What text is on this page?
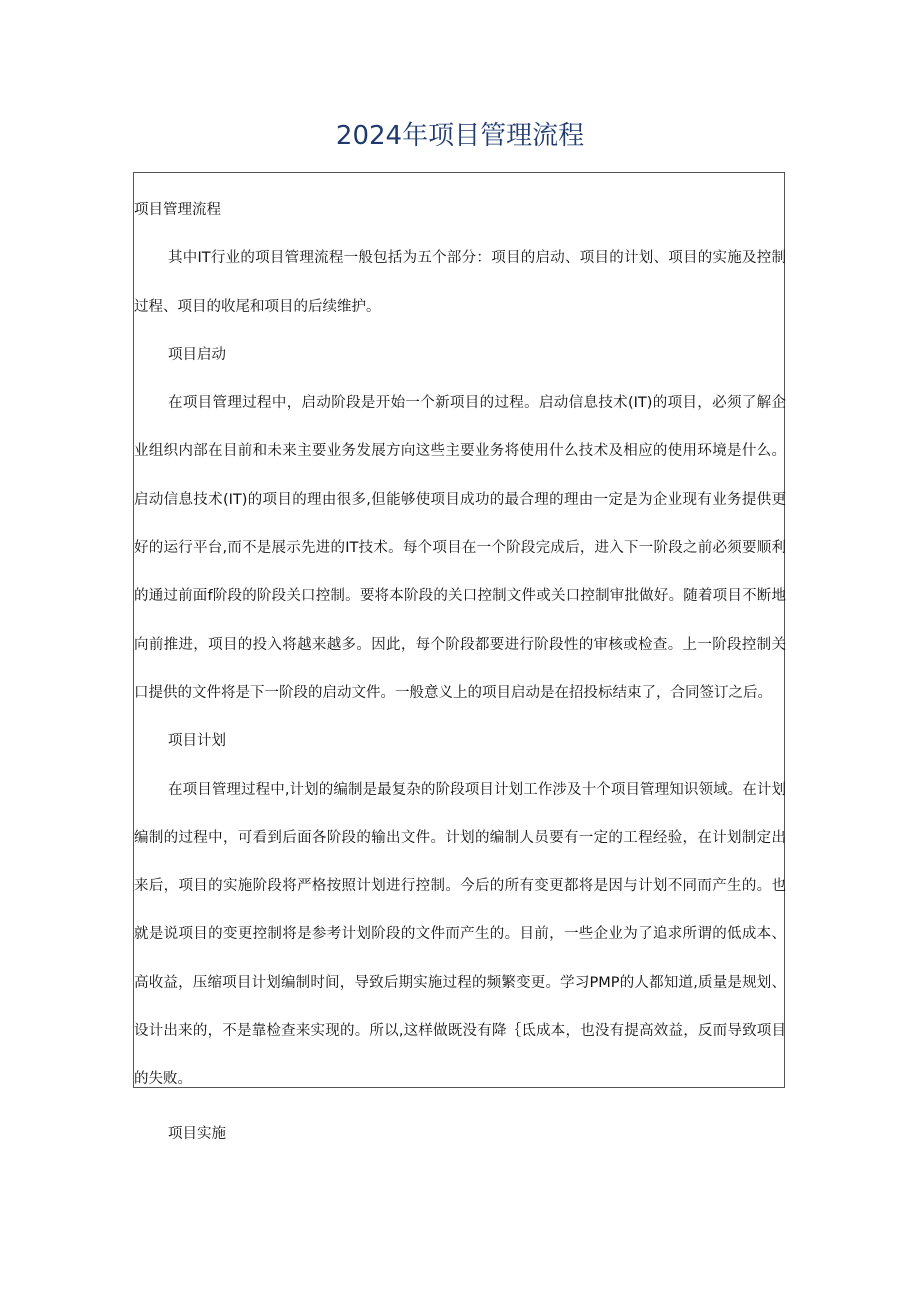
2024年项目管理流程

项目管理流程

其中IT行业的项目管理流程一般包括为五个部分：项目的启动、项目的计划、项目的实施及控制过程、项目的收尾和项目的后续维护。

项目启动

在项目管理过程中，启动阶段是开始一个新项目的过程。启动信息技术(IT)的项目，必须了解企业组织内部在目前和未来主要业务发展方向这些主要业务将使用什么技术及相应的使用环境是什么。启动信息技术(IT)的项目的理由很多,但能够使项目成功的最合理的理由一定是为企业现有业务提供更好的运行平台,而不是展示先进的IT技术。每个项目在一个阶段完成后，进入下一阶段之前必须要顺利的通过前面f阶段的阶段关口控制。要将本阶段的关口控制文件或关口控制审批做好。随着项目不断地向前推进，项目的投入将越来越多。因此，每个阶段都要进行阶段性的审核或检查。上一阶段控制关口提供的文件将是下一阶段的启动文件。一般意义上的项目启动是在招投标结束了，合同签订之后。

项目计划

在项目管理过程中,计划的编制是最复杂的阶段项目计划工作涉及十个项目管理知识领域。在计划编制的过程中，可看到后面各阶段的输出文件。计划的编制人员要有一定的工程经验，在计划制定出来后，项目的实施阶段将严格按照计划进行控制。今后的所有变更都将是因与计划不同而产生的。也就是说项目的变更控制将是参考计划阶段的文件而产生的。目前，一些企业为了追求所谓的低成本、高收益，压缩项目计划编制时间，导致后期实施过程的频繁变更。学习PMP的人都知道,质量是规划、设计出来的，不是靠检查来实现的。所以,这样做既没有降｛氐成本，也没有提高效益，反而导致项目的失败。

项目实施
